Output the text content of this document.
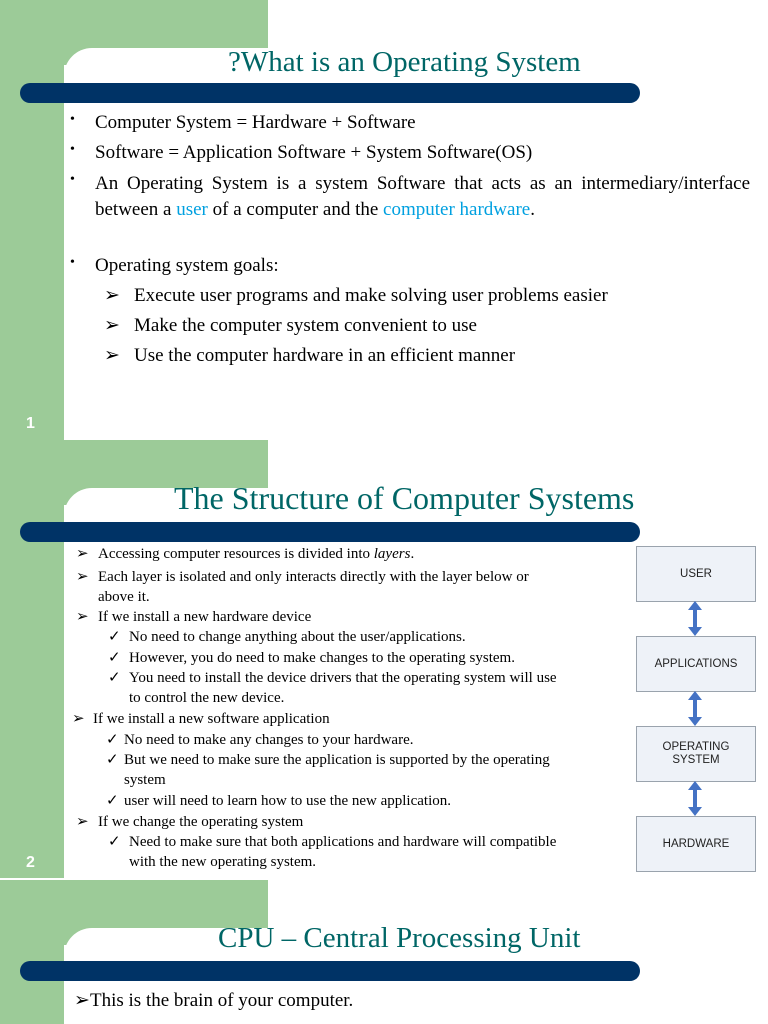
?What is an Operating System
• Computer System = Hardware + Software
• Software = Application Software + System Software(OS)
• An Operating System is a system Software that acts as an intermediary/interface between a user of a computer and the computer hardware.
• Operating system goals:
➢ Execute user programs and make solving user problems easier
➢ Make the computer system convenient to use
➢ Use the computer hardware in an efficient manner
1
The Structure of Computer Systems
➢ Accessing computer resources is divided into layers.
➢ Each layer is isolated and only interacts directly with the layer below or
above it.
➢ If we install a new hardware device
✓ No need to change anything about the user/applications.
✓ However, you do need to make changes to the operating system.
✓ You need to install the device drivers that the operating system will use
to control the new device.
➢ If we install a new software application
✓ No need to make any changes to your hardware.
✓ But we need to make sure the application is supported by the operating
system
✓ user will need to learn how to use the new application.
➢ If we change the operating system
✓ Need to make sure that both applications and hardware will compatible
with the new operating system.
USER
APPLICATIONS
OPERATING
SYSTEM
HARDWARE
2
CPU – Central Processing Unit
➢ This is the brain of your computer.
